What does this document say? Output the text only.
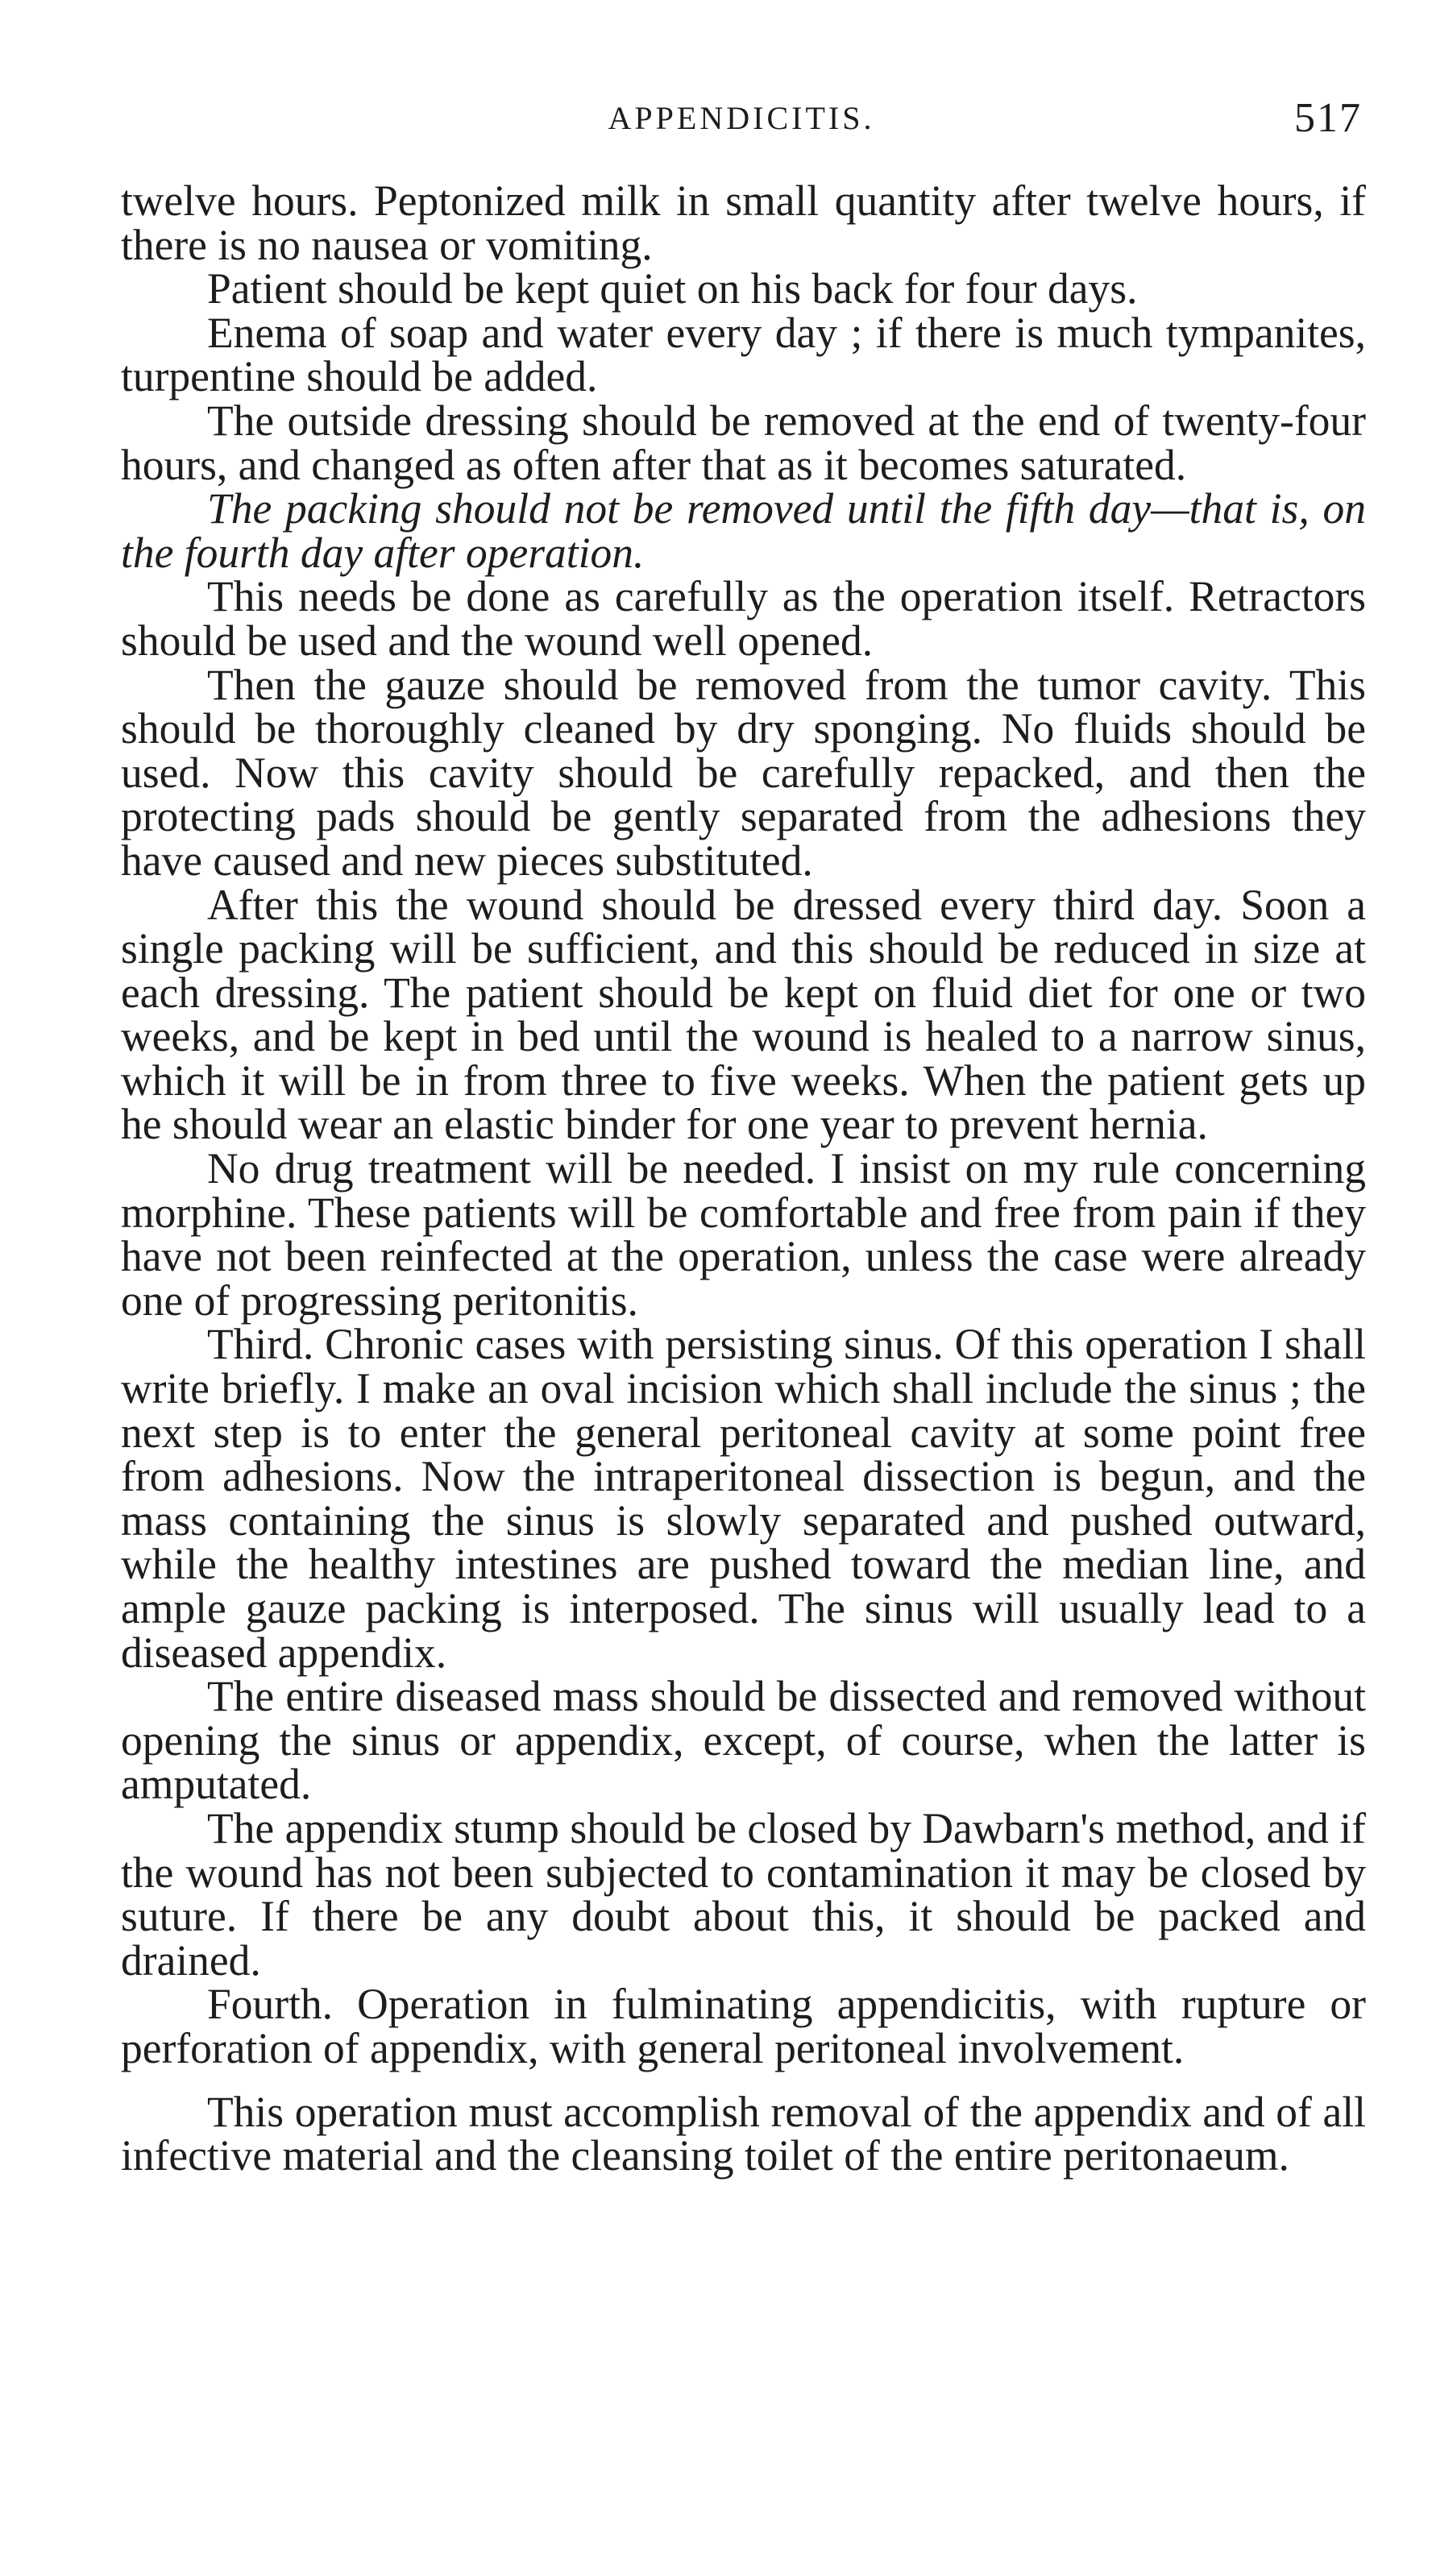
APPENDICITIS.	517

twelve hours. Peptonized milk in small quantity after twelve hours, if there is no nausea or vomiting.

Patient should be kept quiet on his back for four days.

Enema of soap and water every day ; if there is much tympanites, turpentine should be added.

The outside dressing should be removed at the end of twenty-four hours, and changed as often after that as it becomes saturated.

The packing should not be removed until the fifth day—that is, on the fourth day after operation.

This needs be done as carefully as the operation itself. Retractors should be used and the wound well opened.

Then the gauze should be removed from the tumor cavity. This should be thoroughly cleaned by dry sponging. No fluids should be used. Now this cavity should be carefully repacked, and then the protecting pads should be gently separated from the adhesions they have caused and new pieces substituted.

After this the wound should be dressed every third day. Soon a single packing will be sufficient, and this should be reduced in size at each dressing. The patient should be kept on fluid diet for one or two weeks, and be kept in bed until the wound is healed to a narrow sinus, which it will be in from three to five weeks. When the patient gets up he should wear an elastic binder for one year to prevent hernia.

No drug treatment will be needed. I insist on my rule concerning morphine. These patients will be comfortable and free from pain if they have not been reinfected at the operation, unless the case were already one of progressing peritonitis.

Third. Chronic cases with persisting sinus. Of this operation I shall write briefly. I make an oval incision which shall include the sinus ; the next step is to enter the general peritoneal cavity at some point free from adhesions. Now the intraperitoneal dissection is begun, and the mass containing the sinus is slowly separated and pushed outward, while the healthy intestines are pushed toward the median line, and ample gauze packing is interposed. The sinus will usually lead to a diseased appendix.

The entire diseased mass should be dissected and removed without opening the sinus or appendix, except, of course, when the latter is amputated.

The appendix stump should be closed by Dawbarn's method, and if the wound has not been subjected to contamination it may be closed by suture. If there be any doubt about this, it should be packed and drained.

Fourth. Operation in fulminating appendicitis, with rupture or perforation of appendix, with general peritoneal involvement.

This operation must accomplish removal of the appendix and of all infective material and the cleansing toilet of the entire peritonaeum.
